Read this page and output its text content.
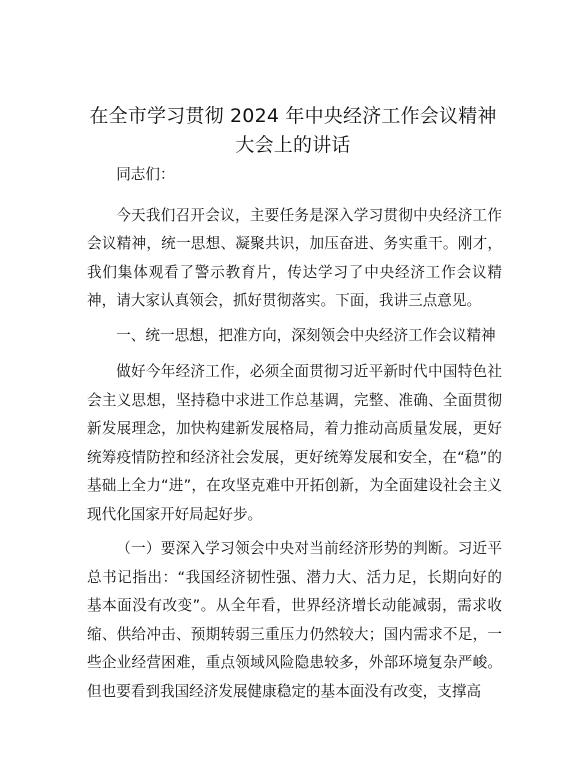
在全市学习贯彻 2024 年中央经济工作会议精神
大会上的讲话

同志们：

今天我们召开会议，主要任务是深入学习贯彻中央经济工作会议精神，统一思想、凝聚共识，加压奋进、务实重干。刚才，我们集体观看了警示教育片，传达学习了中央经济工作会议精神，请大家认真领会，抓好贯彻落实。下面，我讲三点意见。

一、统一思想，把准方向，深刻领会中央经济工作会议精神

做好今年经济工作，必须全面贯彻习近平新时代中国特色社会主义思想，坚持稳中求进工作总基调，完整、准确、全面贯彻新发展理念，加快构建新发展格局，着力推动高质量发展，更好统筹疫情防控和经济社会发展，更好统筹发展和安全，在“稳”的基础上全力“进”，在攻坚克难中开拓创新，为全面建设社会主义现代化国家开好局起好步。

（一）要深入学习领会中央对当前经济形势的判断。习近平总书记指出：“我国经济韧性强、潜力大、活力足，长期向好的基本面没有改变”。从全年看，世界经济增长动能减弱，需求收缩、供给冲击、预期转弱三重压力仍然较大；国内需求不足，一些企业经营困难，重点领域风险隐患较多，外部环境复杂严峻。但也要看到我国经济发展健康稳定的基本面没有改变，支撑高
